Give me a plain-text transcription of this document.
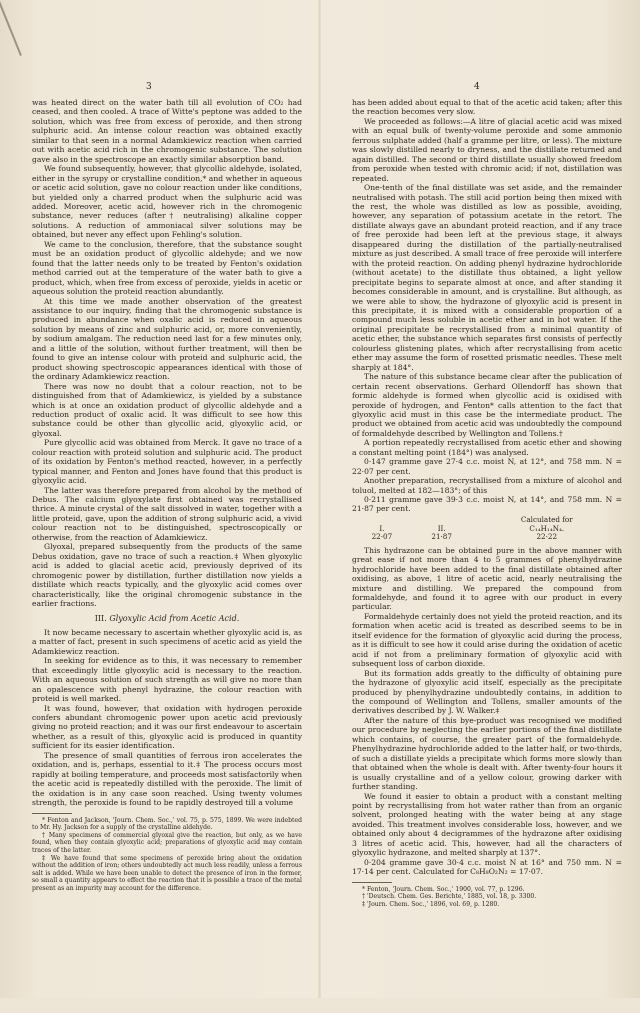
3	4

was heated direct on the water bath till all evolution of CO₂ had ceased, and then cooled. A trace of Witte's peptone was added to the solution, which was free from excess of peroxide, and then strong sulphuric acid. An intense colour reaction was obtained exactly similar to that seen in a normal Adamkiewicz reaction when carried out with acetic acid rich in the chromogenic substance. The solution gave also in the spectroscope an exactly similar absorption band.

We found subsequently, however, that glycollic aldehyde, isolated, either in the syrupy or crystalline condition,* and whether in aqueous or acetic acid solution, gave no colour reaction under like conditions, but yielded only a charred product when the sulphuric acid was added. Moreover, acetic acid, however rich in the chromogenic substance, never reduces (after† neutralising) alkaline copper solutions. A reduction of ammoniacal silver solutions may be obtained, but never any effect upon Fehling's solution.

We came to the conclusion, therefore, that the substance sought must be an oxidation product of glycollic aldehyde; and we now found that the latter needs only to be treated by Fenton's oxidation method carried out at the temperature of the water bath to give a product, which, when free from excess of peroxide, yields in acetic or aqueous solution the proteid reaction abundantly.

At this time we made another observation of the greatest assistance to our inquiry, finding that the chromogenic substance is produced in abundance when oxalic acid is reduced in aqueous solution by means of zinc and sulphuric acid, or, more conveniently, by sodium amalgam. The reduction need last for a few minutes only, and a little of the solution, without further treatment, will then be found to give an intense colour with proteid and sulphuric acid, the product showing spectroscopic appearances identical with those of the ordinary Adamkiewicz reaction.

There was now no doubt that a colour reaction, not to be distinguished from that of Adamkiewicz, is yielded by a substance which is at once an oxidation product of glycollic aldehyde and a reduction product of oxalic acid. It was difficult to see how this substance could be other than glycollic acid, glyoxylic acid, or glyoxal.

Pure glycollic acid was obtained from Merck. It gave no trace of a colour reaction with proteid solution and sulphuric acid. The product of its oxidation by Fenton's method reacted, however, in a perfectly typical manner, and Fenton and Jones have found that this product is glyoxylic acid.

The latter was therefore prepared from alcohol by the method of Debus. The calcium glyoxylate first obtained was recrystallised thrice. A minute crystal of the salt dissolved in water, together with a little proteid, gave, upon the addition of strong sulphuric acid, a vivid colour reaction not to be distinguished, spectroscopically or otherwise, from the reaction of Adamkiewicz.

Glyoxal, prepared subsequently from the products of the same Debus oxidation, gave no trace of such a reaction.‡ When glyoxylic acid is added to glacial acetic acid, previously deprived of its chromogenic power by distillation, further distillation now yields a distillate which reacts typically, and the glyoxylic acid comes over characteristically, like the original chromogenic substance in the earlier fractions.

III. Glyoxylic Acid from Acetic Acid.

It now became necessary to ascertain whether glyoxylic acid is, as a matter of fact, present in such specimens of acetic acid as yield the Adamkiewicz reaction.

In seeking for evidence as to this, it was necessary to remember that exceedingly little glyoxylic acid is necessary to the reaction. With an aqueous solution of such strength as will give no more than an opalescence with phenyl hydrazine, the colour reaction with proteid is well marked.

It was found, however, that oxidation with hydrogen peroxide confers abundant chromogenic power upon acetic acid previously giving no proteid reaction; and it was our first endeavour to ascertain whether, as a result of this, glyoxylic acid is produced in quantity sufficient for its easier identification.

The presence of small quantities of ferrous iron accelerates the oxidation, and is, perhaps, essential to it.‡ The process occurs most rapidly at boiling temperature, and proceeds most satisfactorily when the acetic acid is repeatedly distilled with the peroxide. The limit of the oxidation is in any case soon reached. Using twenty volumes strength, the peroxide is found to be rapidly destroyed till a volume

* Fenton and Jackson, 'Journ. Chem. Soc.,' vol. 75, p. 575, 1899. We were indebted to Mr. Hy. Jackson for a supply of the crystalline aldehyde.
† Many specimens of commercial glyoxal give the reaction, but only, as we have found, when they contain glyoxylic acid; preparations of glyoxylic acid may contain traces of the latter.
‡ We have found that some specimens of peroxide bring about the oxidation without the addition of iron; others undoubtedly act much less readily, unless a ferrous salt is added. While we have been unable to detect the presence of iron in the former, so small a quantity appears to effect the reaction that it is possible a trace of the metal present as an impurity may account for the difference.

has been added about equal to that of the acetic acid taken; after this the reaction becomes very slow.

We proceeded as follows:—A litre of glacial acetic acid was mixed with an equal bulk of twenty-volume peroxide and some ammonio ferrous sulphate added (half a gramme per litre, or less). The mixture was slowly distilled nearly to dryness, and the distillate returned and again distilled. The second or third distillate usually showed freedom from peroxide when tested with chromic acid; if not, distillation was repeated.

One-tenth of the final distillate was set aside, and the remainder neutralised with potash. The still acid portion being then mixed with the rest, the whole was distilled as low as possible, avoiding, however, any separation of potassium acetate in the retort. The distillate always gave an abundant proteid reaction, and if any trace of free peroxide had been left at the previous stage, it always disappeared during the distillation of the partially-neutralised mixture as just described. A small trace of free peroxide will interfere with the proteid reaction. On adding phenyl hydrazine hydrochloride (without acetate) to the distillate thus obtained, a light yellow precipitate begins to separate almost at once, and after standing it becomes considerable in amount, and is crystalline. But although, as we were able to show, the hydrazone of glyoxylic acid is present in this precipitate, it is mixed with a considerable proportion of a compound much less soluble in acetic ether and in hot water. If the original precipitate be recrystallised from a minimal quantity of acetic ether, the substance which separates first consists of perfectly colourless glistening plates, which after recrystallising from acetic ether may assume the form of rosetted prismatic needles. These melt sharply at 184°.

The nature of this substance became clear after the publication of certain recent observations. Gerhard Ollendorff has shown that formic aldehyde is formed when glycollic acid is oxidised with peroxide of hydrogen, and Fenton* calls attention to the fact that glyoxylic acid must in this case be the intermediate product. The product we obtained from acetic acid was undoubtedly the compound of formaldehyde described by Wellington and Tollens.†

A portion repeatedly recrystallised from acetic ether and showing a constant melting point (184°) was analysed.

0·147 gramme gave 27·4 c.c. moist N, at 12°, and 758 mm. N = 22·07 per cent.

Another preparation, recrystallised from a mixture of alcohol and toluol, melted at 182—183°; of this

0·211 gramme gave 39·3 c.c. moist N, at 14°, and 758 mm. N = 21·87 per cent.

		Calculated for
I.	II.	C₁₄H₁₄N₄.
22·07	21·87	22·22

This hydrazone can be obtained pure in the above manner with great ease if not more than 4 to 5 grammes of phenylhydrazine hydrochloride have been added to the final distillate obtained after oxidising, as above, 1 litre of acetic acid, nearly neutralising the mixture and distilling. We prepared the compound from formaldehyde, and found it to agree with our product in every particular.

Formaldehyde certainly does not yield the proteid reaction, and its formation when acetic acid is treated as described seems to be in itself evidence for the formation of glyoxylic acid during the process, as it is difficult to see how it could arise during the oxidation of acetic acid if not from a preliminary formation of glyoxylic acid with subsequent loss of carbon dioxide.

But its formation adds greatly to the difficulty of obtaining pure the hydrazone of glyoxylic acid itself, especially as the precipitate produced by phenylhydrazine undoubtedly contains, in addition to the compound of Wellington and Tollens, smaller amounts of the derivatives described by J. W. Walker.‡

After the nature of this bye-product was recognised we modified our procedure by neglecting the earlier portions of the final distillate which contains, of course, the greater part of the formaldehyde. Phenylhydrazine hydrochloride added to the latter half, or two-thirds, of such a distillate yields a precipitate which forms more slowly than that obtained when the whole is dealt with. After twenty-four hours it is usually crystalline and of a yellow colour, growing darker with further standing.

We found it easier to obtain a product with a constant melting point by recrystallising from hot water rather than from an organic solvent, prolonged heating with the water being at any stage avoided. This treatment involves considerable loss, however, and we obtained only about 4 decigrammes of the hydrazone after oxidising 3 litres of acetic acid. This, however, had all the characters of glyoxylic hydrazone, and melted sharply at 137°.

0·204 gramme gave 30·4 c.c. moist N at 16° and 750 mm. N = 17·14 per cent. Calculated for C₈H₈O₂N₂ = 17·07.

* Fenton, 'Journ. Chem. Soc.,' 1900, vol. 77, p. 1296.
† 'Deutsch. Chem. Ges. Berichte,' 1885, vol. 18, p. 3300.
‡ 'Journ. Chem. Soc.,' 1896, vol. 69, p. 1280.
